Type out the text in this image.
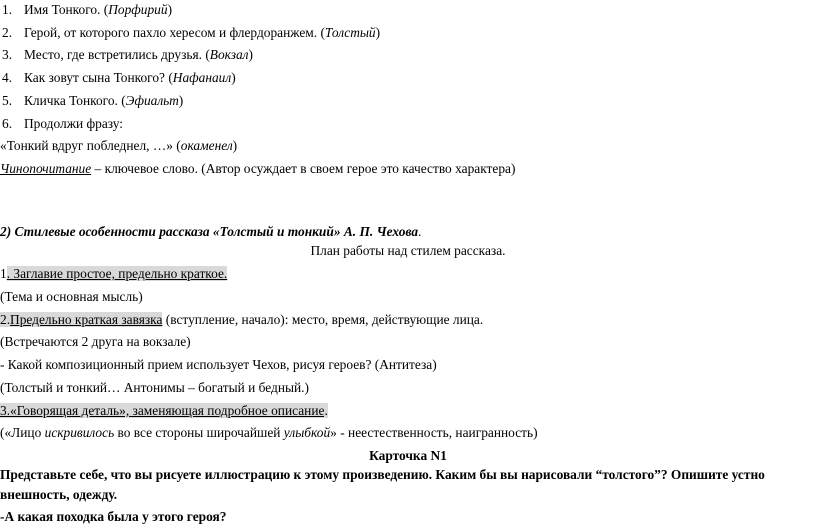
1. Имя Тонкого. (Порфирий)
2. Герой, от которого пахло хересом и флердоранжем. (Толстый)
3. Место, где встретились друзья. (Вокзал)
4. Как зовут сына Тонкого? (Нафанаил)
5. Кличка Тонкого. (Эфиальт)
6. Продолжи фразу:
«Тонкий вдруг побледнел, …» (окаменел)
Чинопочитание – ключевое слово. (Автор осуждает в своем герое это качество характера)
2) Стилевые особенности рассказа «Толстый и тонкий» А. П. Чехова.
План работы над стилем рассказа.
1. Заглавие простое, предельно краткое.
(Тема и основная мысль)
2.Предельно краткая завязка (вступление, начало): место, время, действующие лица.
(Встречаются 2 друга на вокзале)
- Какой композиционный прием использует Чехов, рисуя героев? (Антитеза)
(Толстый и тонкий… Антонимы – богатый и бедный.)
3.«Говорящая деталь», заменяющая подробное описание.
(«Лицо искривилось во все стороны широчайшей улыбкой» - неестественность, наигранность)
Карточка N1
Представьте себе, что вы рисуете иллюстрацию к этому произведению. Каким бы вы нарисовали “толстого”? Опишите устно
внешность, одежду.
-А какая походка была у этого героя?
